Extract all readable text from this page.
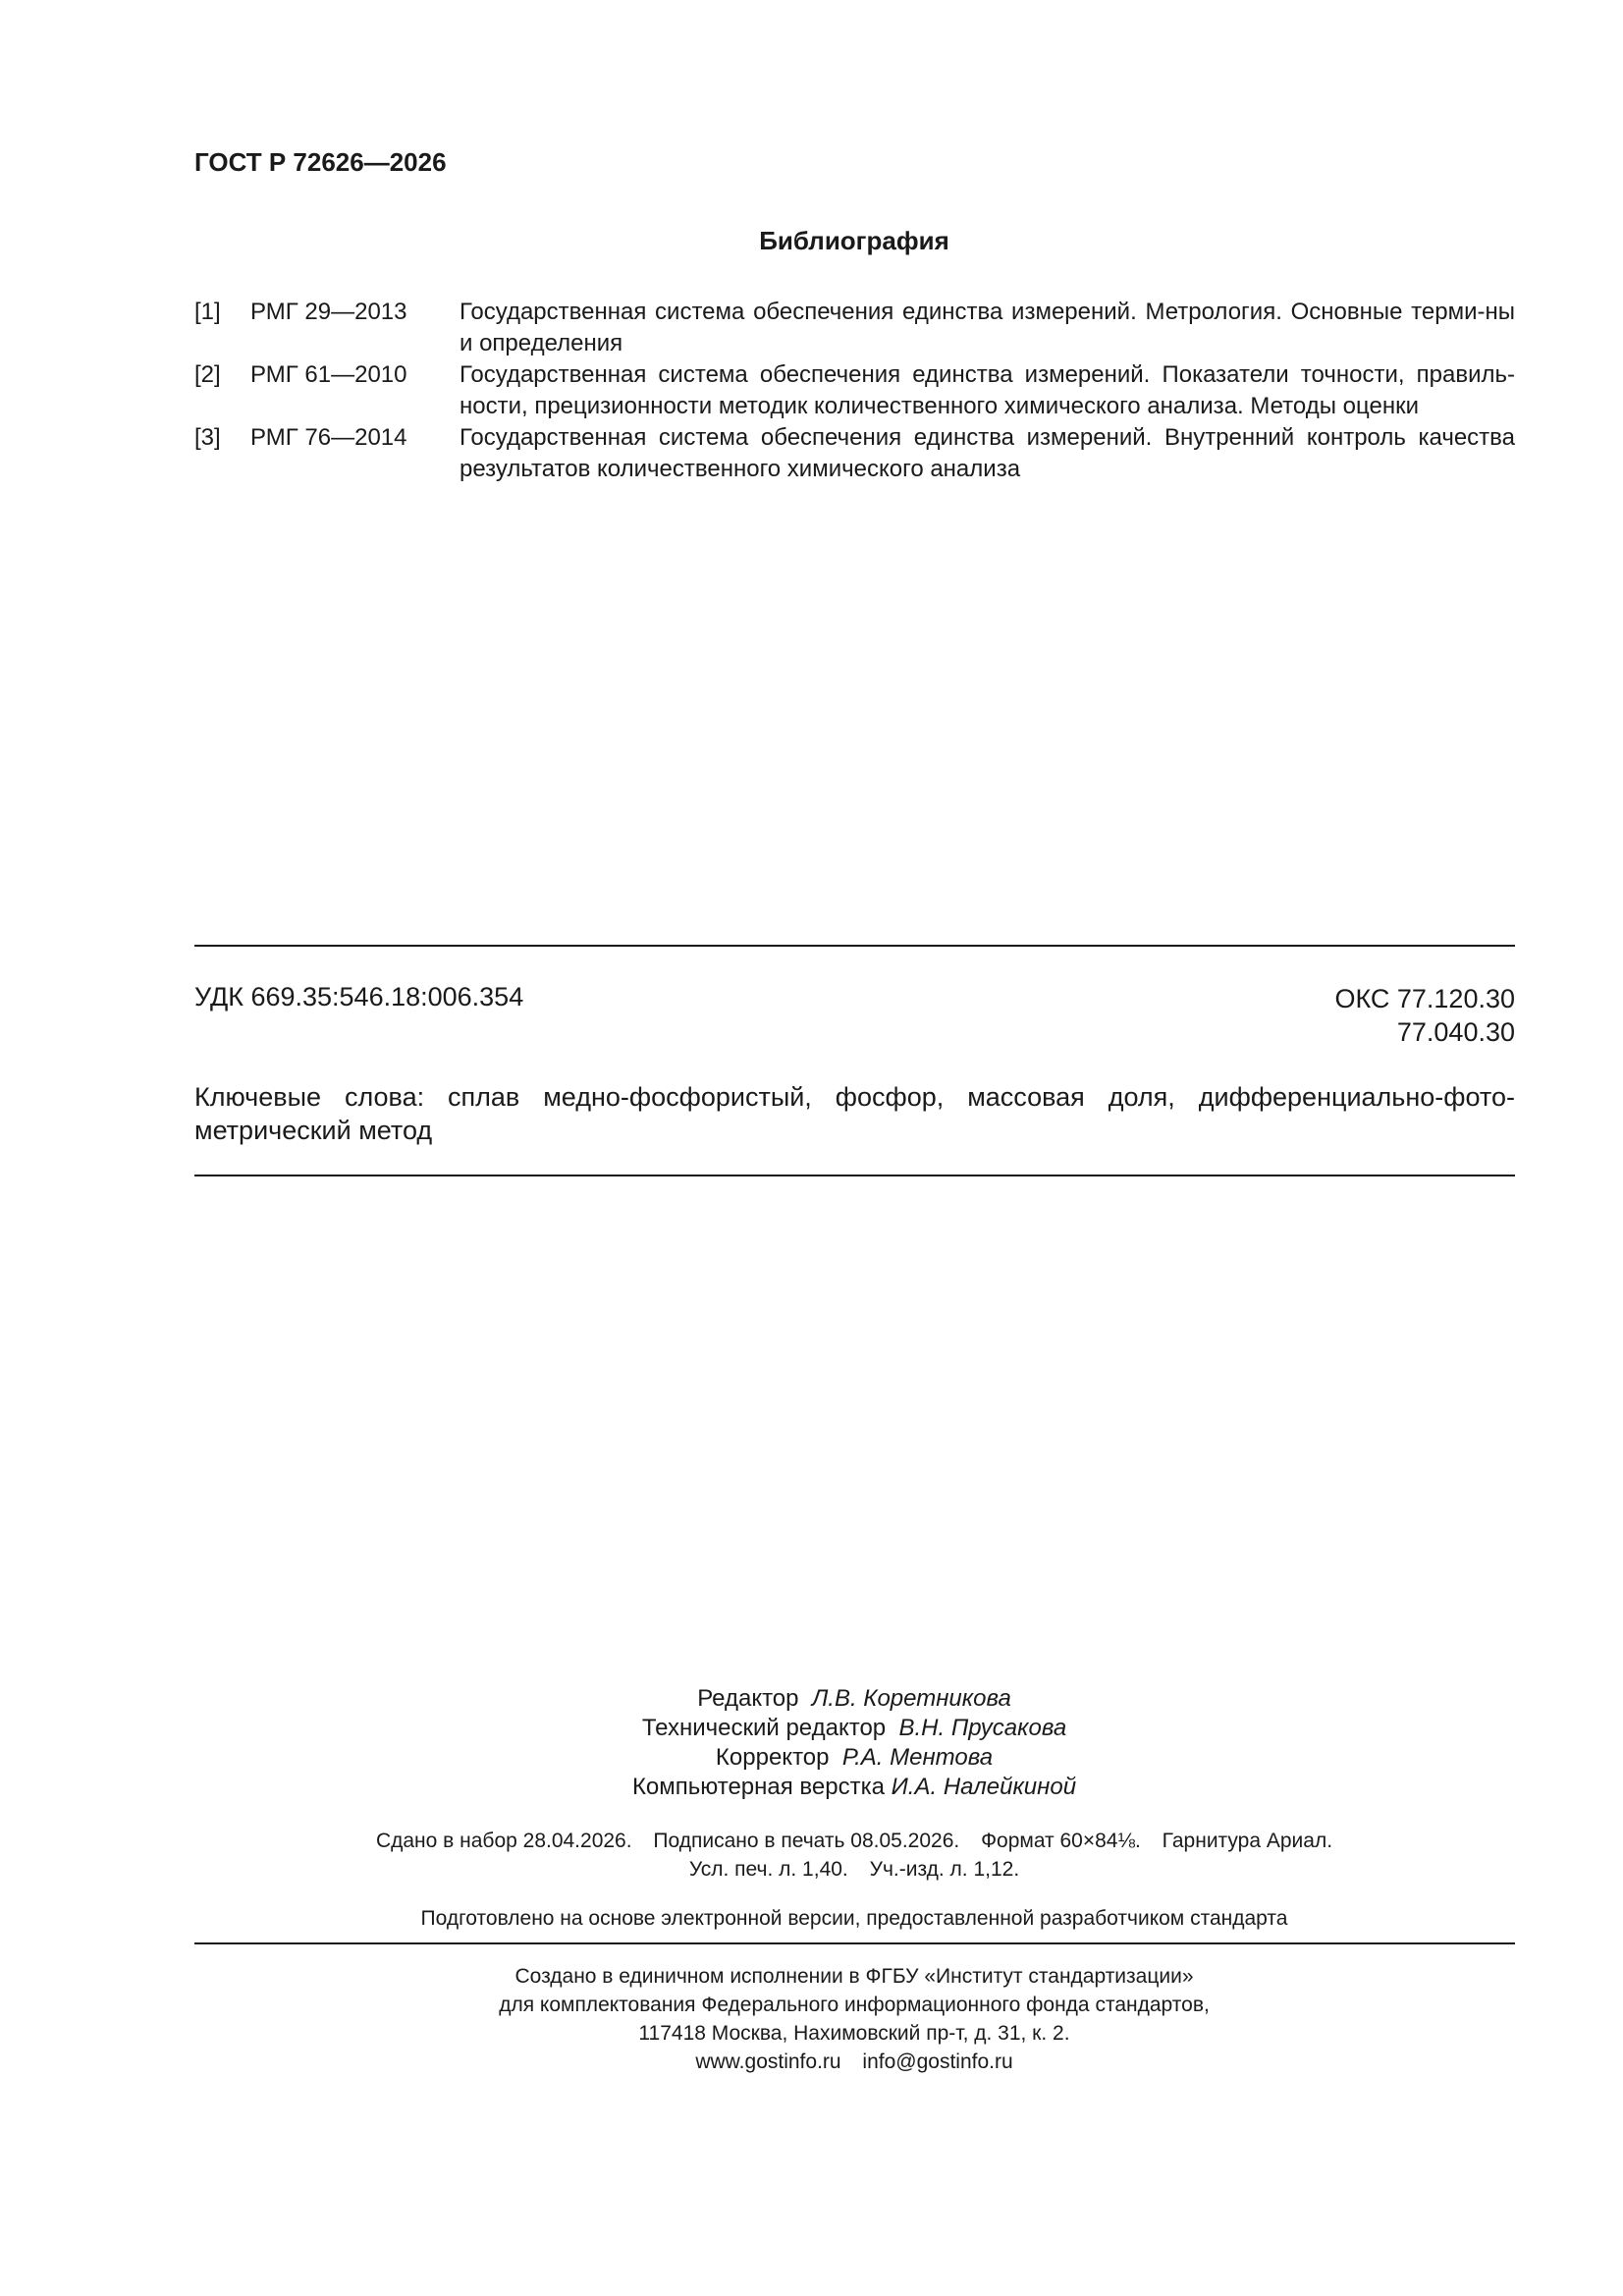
ГОСТ Р 72626—2026
Библиография
[1] РМГ 29—2013 Государственная система обеспечения единства измерений. Метрология. Основные терми-ны и определения
[2] РМГ 61—2010 Государственная система обеспечения единства измерений. Показатели точности, правиль-ности, прецизионности методик количественного химического анализа. Методы оценки
[3] РМГ 76—2014 Государственная система обеспечения единства измерений. Внутренний контроль качества результатов количественного химического анализа
УДК 669.35:546.18:006.354	ОКС 77.120.30
77.040.30
Ключевые слова: сплав медно-фосфористый, фосфор, массовая доля, дифференциально-фото-метрический метод
Редактор Л.В. Коретникова
Технический редактор В.Н. Прусакова
Корректор Р.А. Ментова
Компьютерная верстка И.А. Налейкиной
Сдано в набор 28.04.2026. Подписано в печать 08.05.2026. Формат 60×84⅛. Гарнитура Ариал.
Усл. печ. л. 1,40. Уч.-изд. л. 1,12.
Подготовлено на основе электронной версии, предоставленной разработчиком стандарта
Создано в единичном исполнении в ФГБУ «Институт стандартизации»
для комплектования Федерального информационного фонда стандартов,
117418 Москва, Нахимовский пр-т, д. 31, к. 2.
www.gostinfo.ru info@gostinfo.ru
